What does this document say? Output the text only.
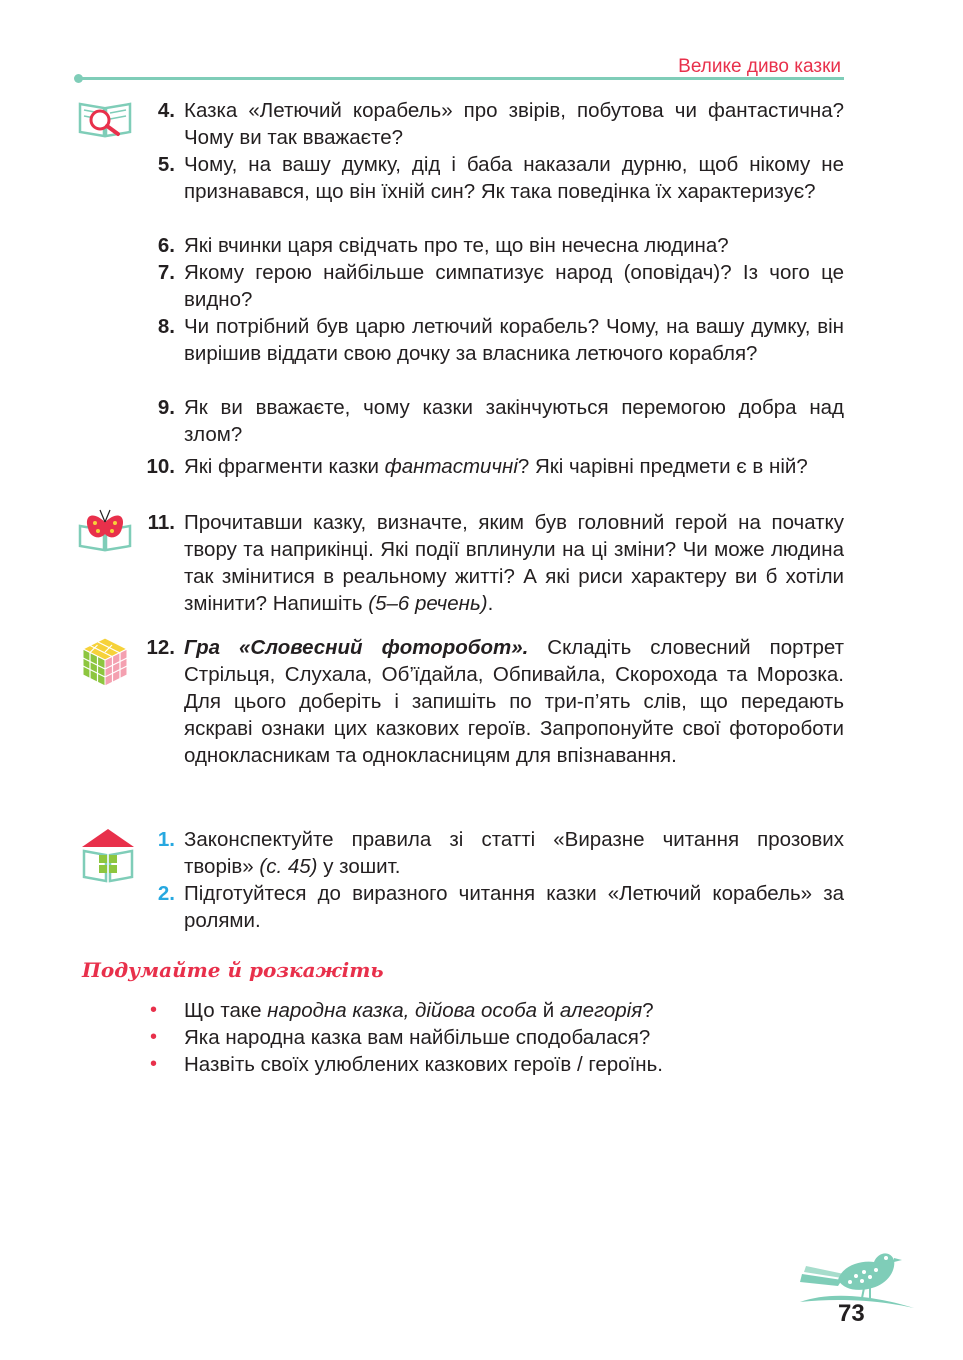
Велике диво казки
4. Казка «Летючий корабель» про звірів, побутова чи фантастична? Чому ви так вважаєте?
5. Чому, на вашу думку, дід і баба наказали дурню, щоб нікому не признавався, що він їхній син? Як така поведінка їх характеризує?
6. Які вчинки царя свідчать про те, що він нечесна людина?
7. Якому герою найбільше симпатизує народ (оповідач)? Із чого це видно?
8. Чи потрібний був царю летючий корабель? Чому, на вашу думку, він вирішив віддати свою дочку за власника летючого корабля?
9. Як ви вважаєте, чому казки закінчуються перемогою добра над злом?
10. Які фрагменти казки фантастичні? Які чарівні предмети є в ній?
11. Прочитавши казку, визначте, яким був головний герой на початку твору та наприкінці. Які події вплинули на ці зміни? Чи може людина так змінитися в реальному житті? А які риси характеру ви б хотіли змінити? Напишіть (5–6 речень).
12. Гра «Словесний фоторобот». Складіть словесний портрет Стрільця, Слухала, Об’їдайла, Обпивайла, Скорохода та Морозка. Для цього доберіть і запишіть по три-п’ять слів, що передають яскраві ознаки цих казкових героїв. Запропонуйте свої фотороботи однокласникам та однокласницям для впізнавання.
1. Законспектуйте правила зі статті «Виразне читання прозових творів» (с. 45) у зошит.
2. Підготуйтеся до виразного читання казки «Летючий корабель» за ролями.
Подумайте й розкажіть
•	Що таке народна казка, дійова особа й алегорія?
•	Яка народна казка вам найбільше сподобалася?
•	Назвіть своїх улюблених казкових героїв / героїнь.
73
